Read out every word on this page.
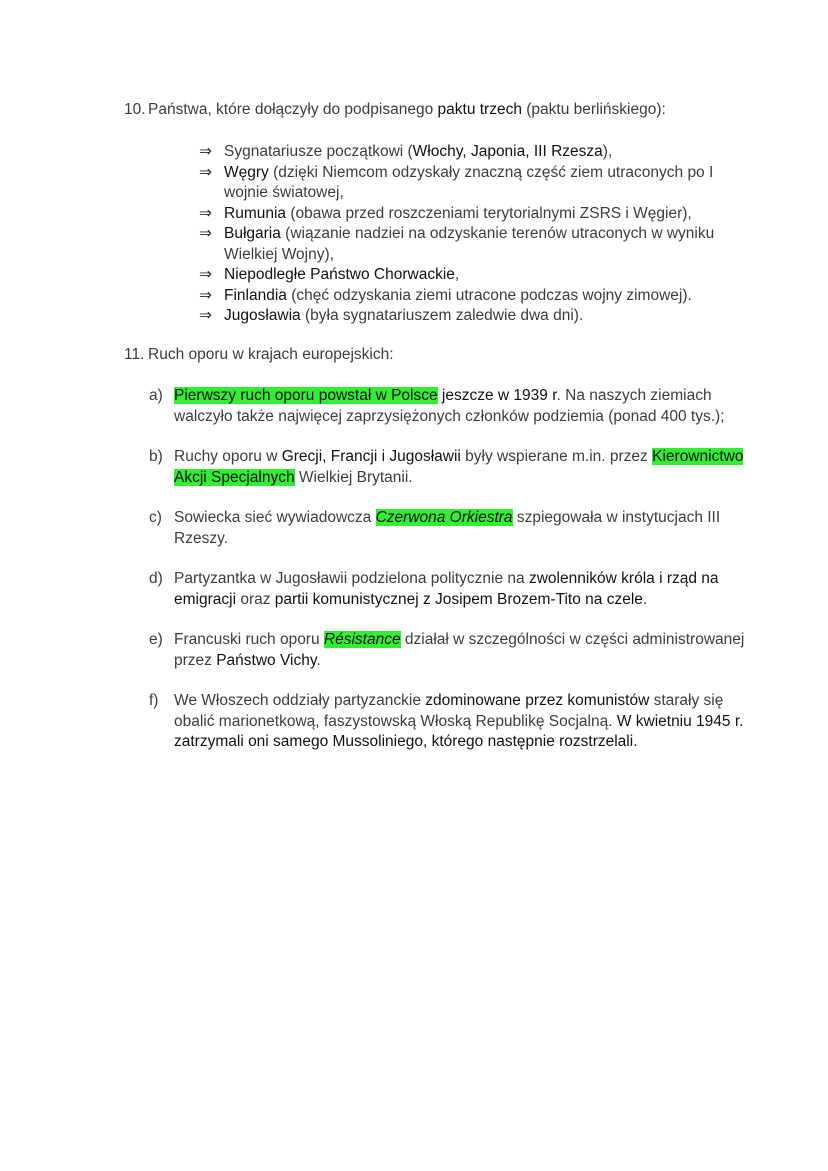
10. Państwa, które dołączyły do podpisanego paktu trzech (paktu berlińskiego):

⇒ Sygnatariusze początkowi (Włochy, Japonia, III Rzesza),

⇒ Węgry (dzięki Niemcom odzyskały znaczną część ziem utraconych po I wojnie światowej,

⇒ Rumunia (obawa przed roszczeniami terytorialnymi ZSRS i Węgier),

⇒ Bułgaria (wiązanie nadziei na odzyskanie terenów utraconych w wyniku Wielkiej Wojny),

⇒ Niepodległe Państwo Chorwackie,

⇒ Finlandia (chęć odzyskania ziemi utracone podczas wojny zimowej).

⇒ Jugosławia (była sygnatariuszem zaledwie dwa dni).

11. Ruch oporu w krajach europejskich:

a) Pierwszy ruch oporu powstał w Polsce jeszcze w 1939 r. Na naszych ziemiach walczyło także najwięcej zaprzysiężonych członków podziemia (ponad 400 tys.);

b) Ruchy oporu w Grecji, Francji i Jugosławii były wspierane m.in. przez Kierownictwo Akcji Specjalnych Wielkiej Brytanii.

c) Sowiecka sieć wywiadowcza Czerwona Orkiestra szpiegowała w instytucjach III Rzeszy.

d) Partyzantka w Jugosławii podzielona politycznie na zwolenników króla i rząd na emigracji oraz partii komunistycznej z Josipem Brozem-Tito na czele.

e) Francuski ruch oporu Résistance działał w szczególności w części administrowanej przez Państwo Vichy.

f) We Włoszech oddziały partyzanckie zdominowane przez komunistów starały się obalić marionetkową, faszystowską Włoską Republikę Socjalną. W kwietniu 1945 r. zatrzymali oni samego Mussoliniego, którego następnie rozstrzelali.
